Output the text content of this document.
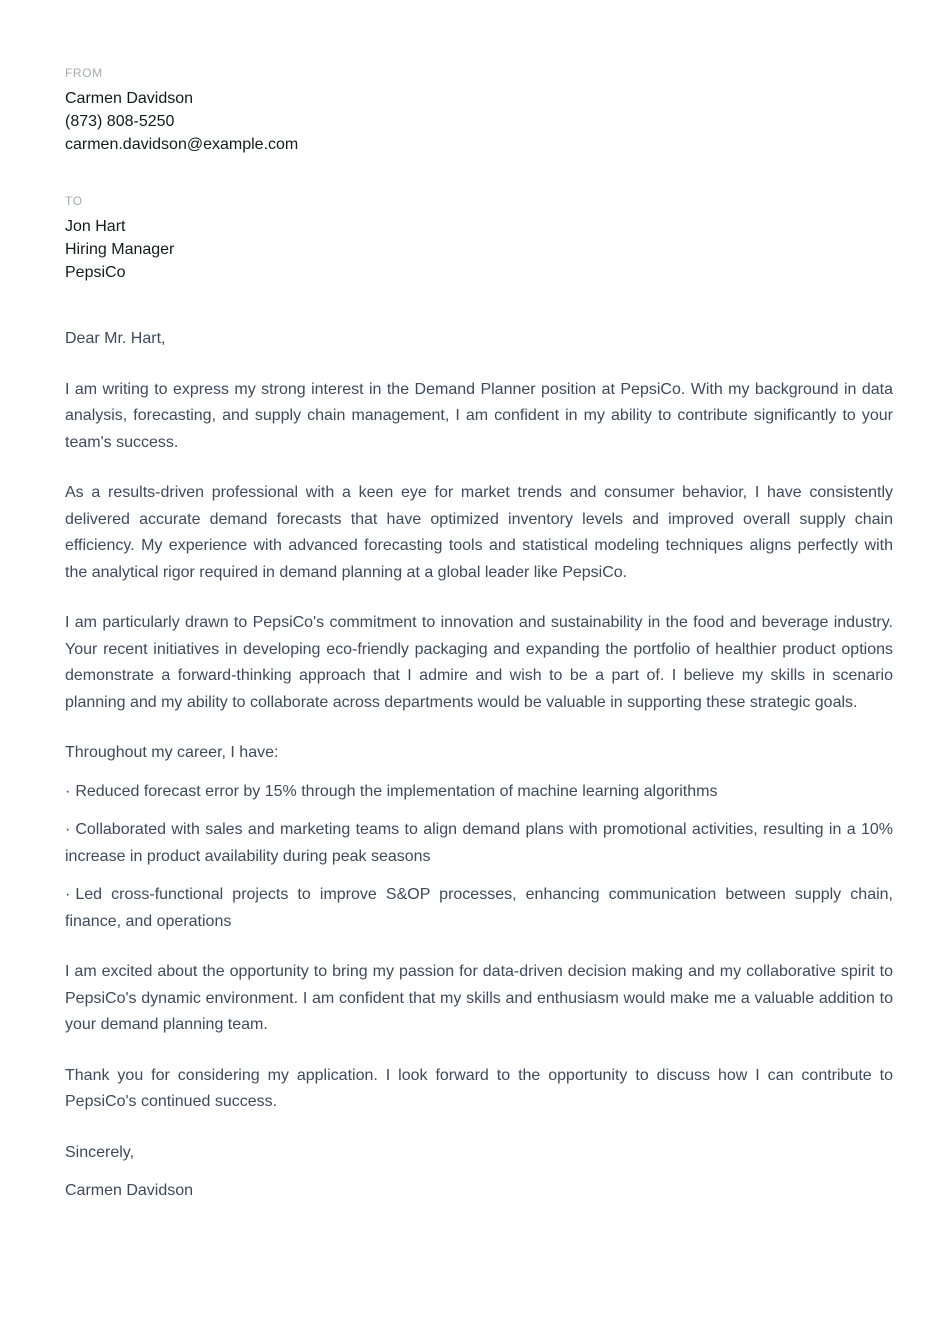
FROM
Carmen Davidson
(873) 808-5250
carmen.davidson@example.com
TO
Jon Hart
Hiring Manager
PepsiCo

Dear Mr. Hart,

I am writing to express my strong interest in the Demand Planner position at PepsiCo. With my background in data analysis, forecasting, and supply chain management, I am confident in my ability to contribute significantly to your team's success.

As a results-driven professional with a keen eye for market trends and consumer behavior, I have consistently delivered accurate demand forecasts that have optimized inventory levels and improved overall supply chain efficiency. My experience with advanced forecasting tools and statistical modeling techniques aligns perfectly with the analytical rigor required in demand planning at a global leader like PepsiCo.

I am particularly drawn to PepsiCo's commitment to innovation and sustainability in the food and beverage industry. Your recent initiatives in developing eco-friendly packaging and expanding the portfolio of healthier product options demonstrate a forward-thinking approach that I admire and wish to be a part of. I believe my skills in scenario planning and my ability to collaborate across departments would be valuable in supporting these strategic goals.

Throughout my career, I have:

· Reduced forecast error by 15% through the implementation of machine learning algorithms

· Collaborated with sales and marketing teams to align demand plans with promotional activities, resulting in a 10% increase in product availability during peak seasons

· Led cross-functional projects to improve S&OP processes, enhancing communication between supply chain, finance, and operations

I am excited about the opportunity to bring my passion for data-driven decision making and my collaborative spirit to PepsiCo's dynamic environment. I am confident that my skills and enthusiasm would make me a valuable addition to your demand planning team.

Thank you for considering my application. I look forward to the opportunity to discuss how I can contribute to PepsiCo's continued success.

Sincerely,

Carmen Davidson
